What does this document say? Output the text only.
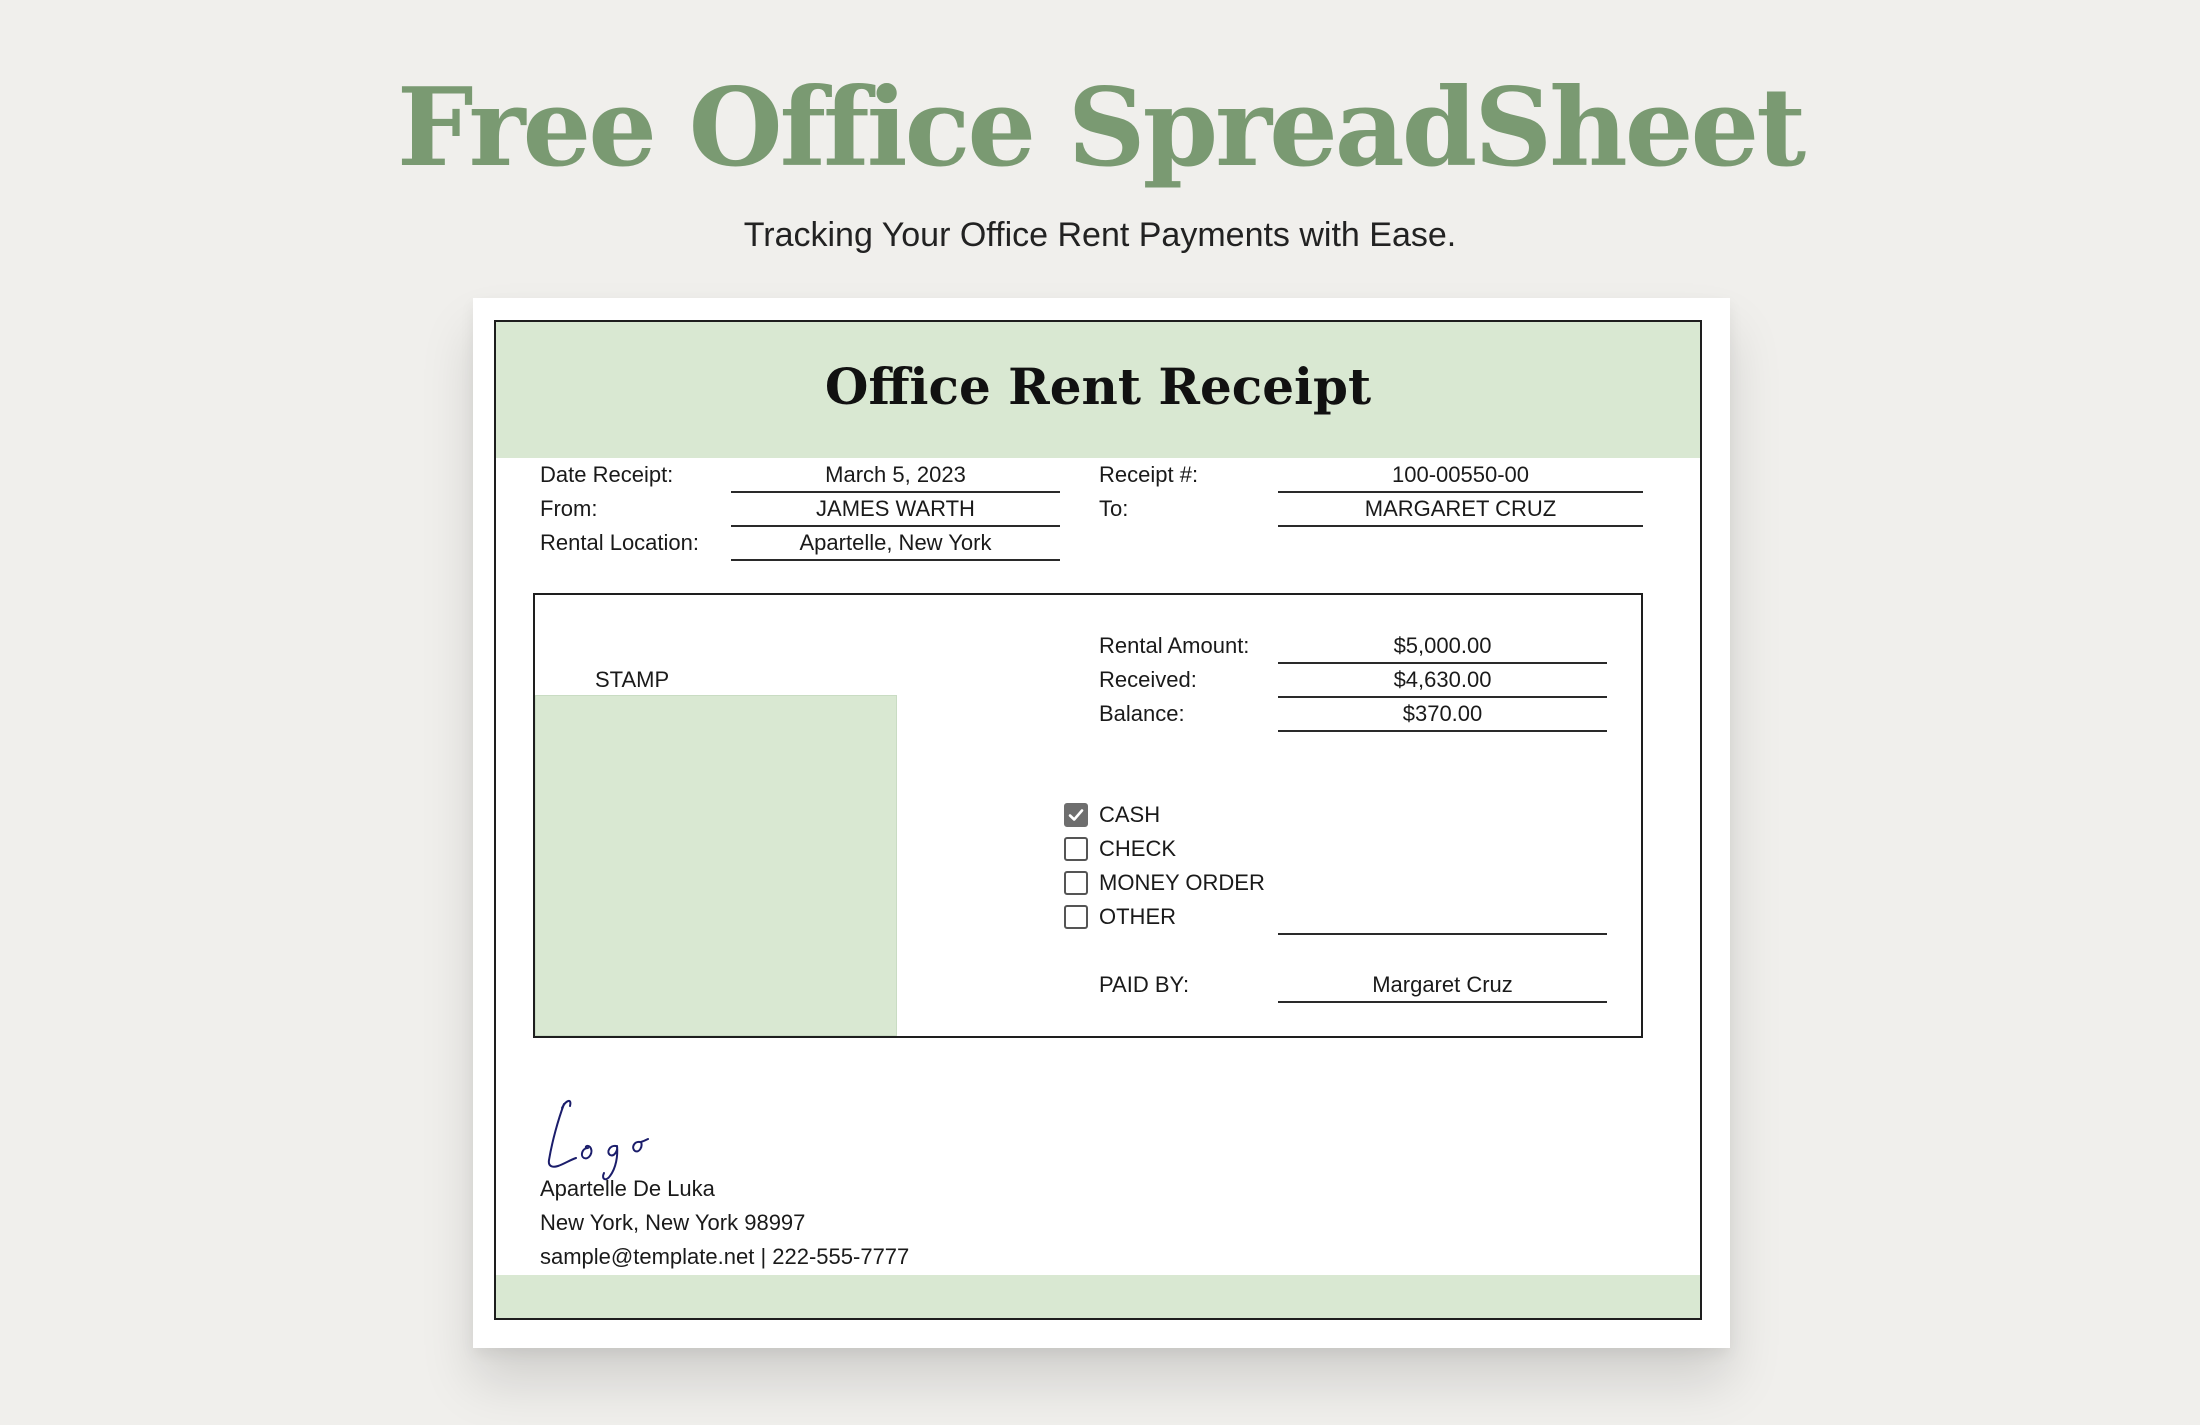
Free Office SpreadSheet
Tracking Your Office Rent Payments with Ease.
Office Rent Receipt
Date Receipt:	March 5, 2023	Receipt #:	100-00550-00
From:	JAMES WARTH	To:	MARGARET CRUZ
Rental Location:	Apartelle, New York
STAMP
Rental Amount:	$5,000.00
Received:	$4,630.00
Balance:	$370.00
CASH
CHECK
MONEY ORDER
OTHER
PAID BY:	Margaret Cruz
Apartelle De Luka
New York, New York 98997
sample@template.net | 222-555-7777
